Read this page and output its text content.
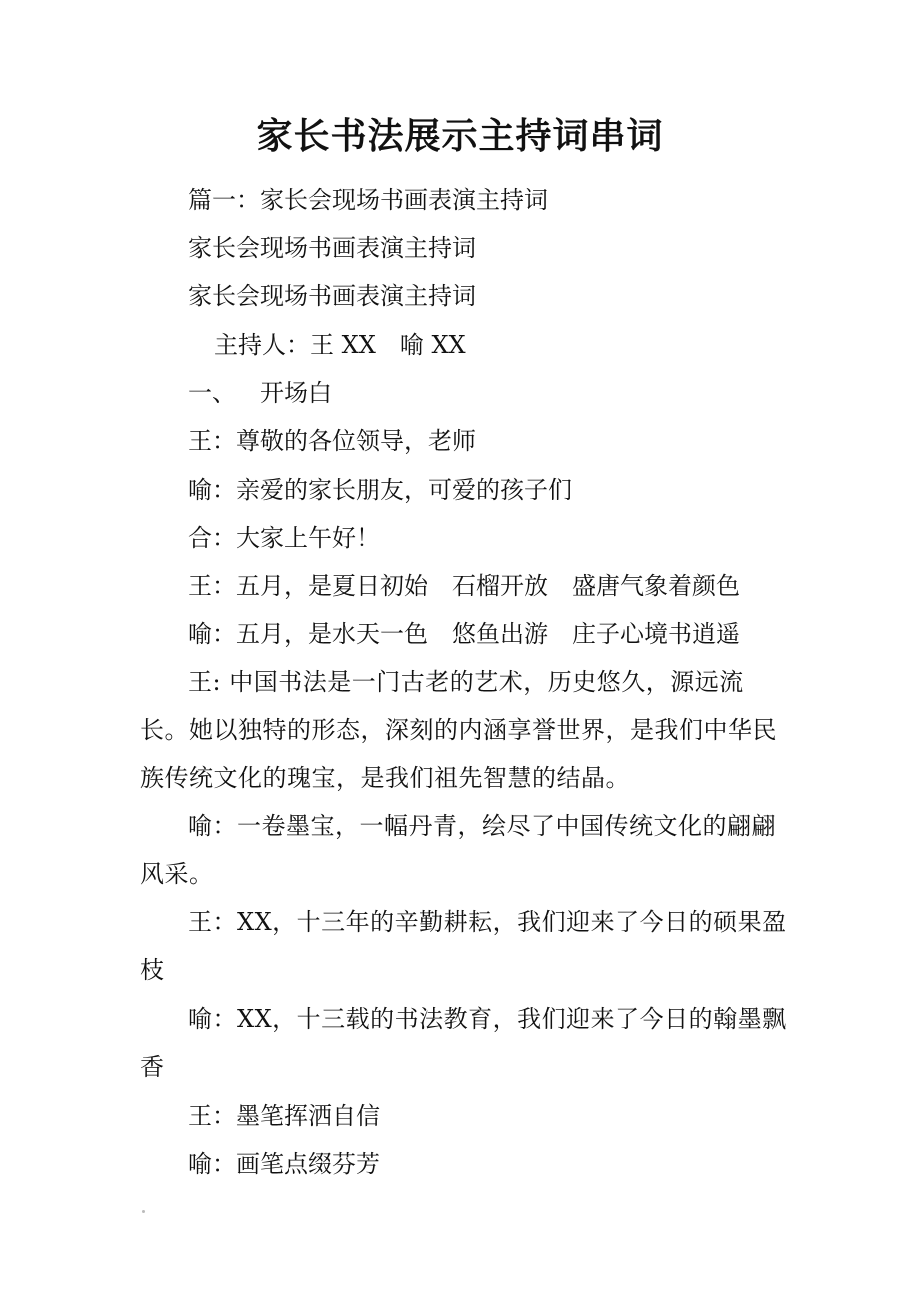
家长书法展示主持词串词

篇一：家长会现场书画表演主持词

家长会现场书画表演主持词

家长会现场书画表演主持词

主持人：王 XX 喻 XX

一、 开场白

王：尊敬的各位领导，老师

喻：亲爱的家长朋友，可爱的孩子们

合：大家上午好！

王：五月，是夏日初始 石榴开放 盛唐气象着颜色

喻：五月，是水天一色 悠鱼出游 庄子心境书逍遥

王: 中国书法是一门古老的艺术，历史悠久，源远流长。她以独特的形态，深刻的内涵享誉世界，是我们中华民族传统文化的瑰宝，是我们祖先智慧的结晶。

喻：一卷墨宝，一幅丹青，绘尽了中国传统文化的翩翩风采。

王：XX，十三年的辛勤耕耘，我们迎来了今日的硕果盈枝

喻：XX，十三载的书法教育，我们迎来了今日的翰墨飘香

王：墨笔挥洒自信

喻：画笔点缀芬芳
